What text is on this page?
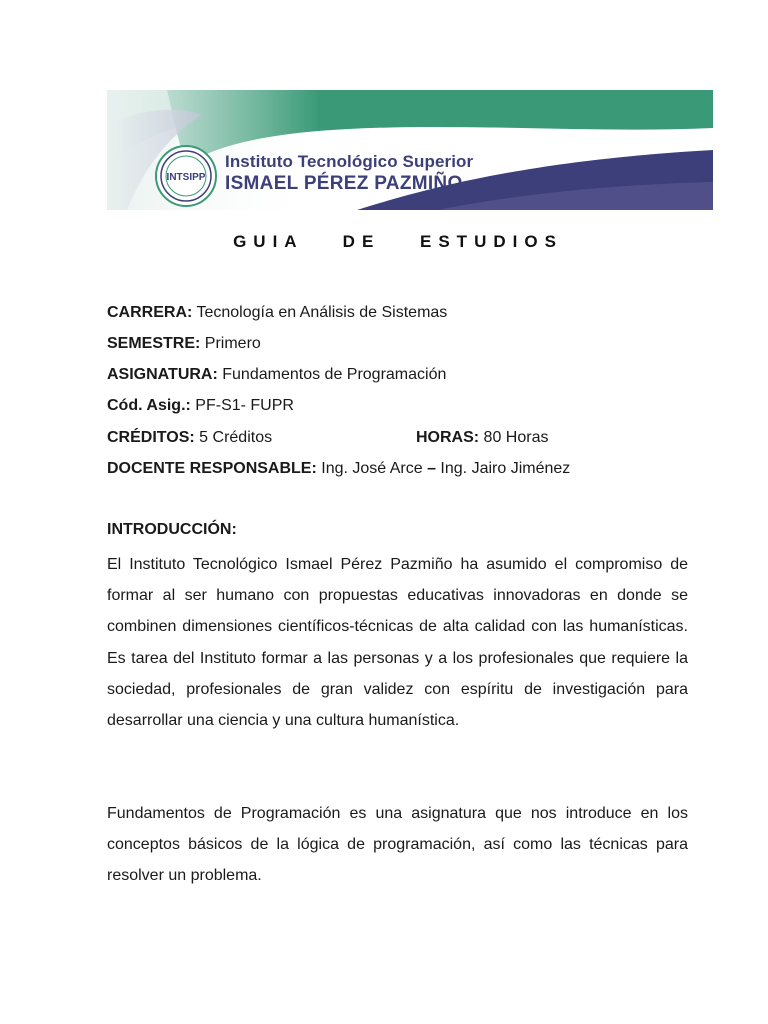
INTSIPP
Instituto Tecnológico Superior
ISMAEL PÉREZ PAZMIÑO
GUIA DE ESTUDIOS
CARRERA: Tecnología en Análisis de Sistemas
SEMESTRE: Primero
ASIGNATURA: Fundamentos de Programación
Cód. Asig.: PF-S1- FUPR
CRÉDITOS: 5 Créditos	HORAS: 80 Horas
DOCENTE RESPONSABLE: Ing. José Arce – Ing. Jairo Jiménez
INTRODUCCIÓN:

El Instituto Tecnológico Ismael Pérez Pazmiño ha asumido el compromiso de formar al ser humano con propuestas educativas innovadoras en donde se combinen dimensiones científicos-técnicas de alta calidad con las humanísticas. Es tarea del Instituto formar a las personas y a los profesionales que requiere la sociedad, profesionales de gran validez con espíritu de investigación para desarrollar una ciencia y una cultura humanística.

Fundamentos de Programación es una asignatura que nos introduce en los conceptos básicos de la lógica de programación, así como las técnicas para resolver un problema.
